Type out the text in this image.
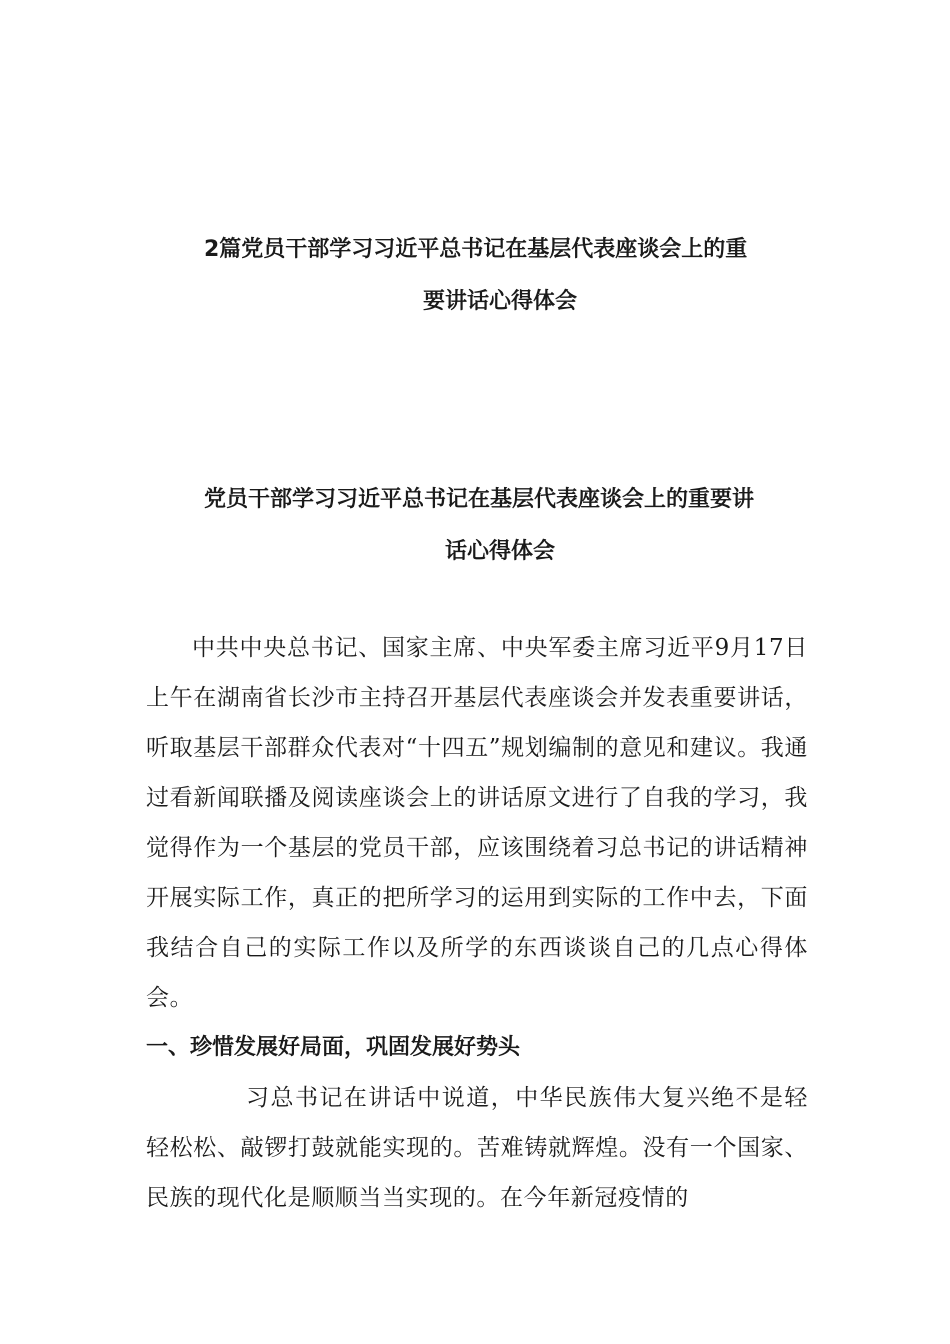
2篇党员干部学习习近平总书记在基层代表座谈会上的重
要讲话心得体会
党员干部学习习近平总书记在基层代表座谈会上的重要讲
话心得体会

中共中央总书记、国家主席、中央军委主席习近平9月17日上午在湖南省长沙市主持召开基层代表座谈会并发表重要讲话，听取基层干部群众代表对“十四五”规划编制的意见和建议。我通过看新闻联播及阅读座谈会上的讲话原文进行了自我的学习，我觉得作为一个基层的党员干部，应该围绕着习总书记的讲话精神开展实际工作，真正的把所学习的运用到实际的工作中去，下面我结合自己的实际工作以及所学的东西谈谈自己的几点心得体会。

一、珍惜发展好局面，巩固发展好势头

习总书记在讲话中说道，中华民族伟大复兴绝不是轻轻松松、敲锣打鼓就能实现的。苦难铸就辉煌。没有一个国家、民族的现代化是顺顺当当实现的。在今年新冠疫情的
